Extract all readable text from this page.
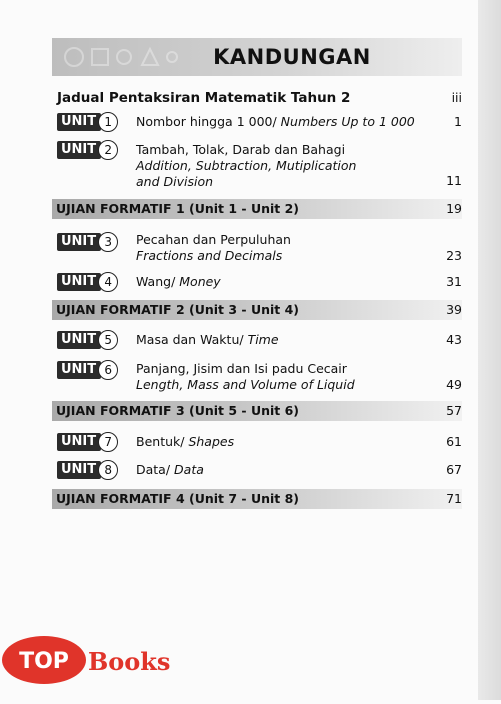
KANDUNGAN
Jadual Pentaksiran Matematik Tahun 2	iii
UNIT 1	Nombor hingga 1 000/ Numbers Up to 1 000	1
UNIT 2	Tambah, Tolak, Darab dan Bahagi
Addition, Subtraction, Mutiplication
and Division	11
UJIAN FORMATIF 1 (Unit 1 - Unit 2)	19
UNIT 3	Pecahan dan Perpuluhan
Fractions and Decimals	23
UNIT 4	Wang/ Money	31
UJIAN FORMATIF 2 (Unit 3 - Unit 4)	39
UNIT 5	Masa dan Waktu/ Time	43
UNIT 6	Panjang, Jisim dan Isi padu Cecair
Length, Mass and Volume of Liquid	49
UJIAN FORMATIF 3 (Unit 5 - Unit 6)	57
UNIT 7	Bentuk/ Shapes	61
UNIT 8	Data/ Data	67
UJIAN FORMATIF 4 (Unit 7 - Unit 8)	71
TOP Books
